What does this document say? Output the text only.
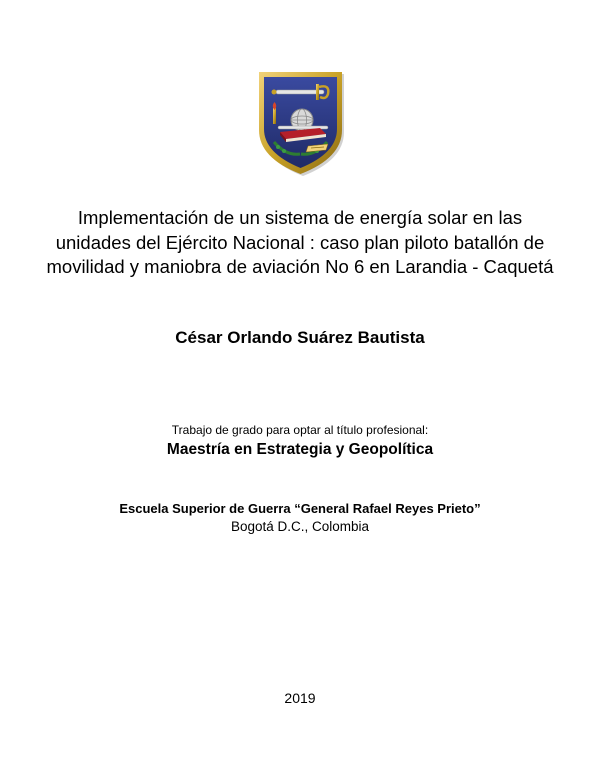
Implementación de un sistema de energía solar en las unidades del Ejército Nacional : caso plan piloto batallón de movilidad y maniobra de aviación No 6 en Larandia - Caquetá

César Orlando Suárez Bautista

Trabajo de grado para optar al título profesional:

Maestría en Estrategia y Geopolítica

Escuela Superior de Guerra “General Rafael Reyes Prieto”

Bogotá D.C., Colombia

2019
